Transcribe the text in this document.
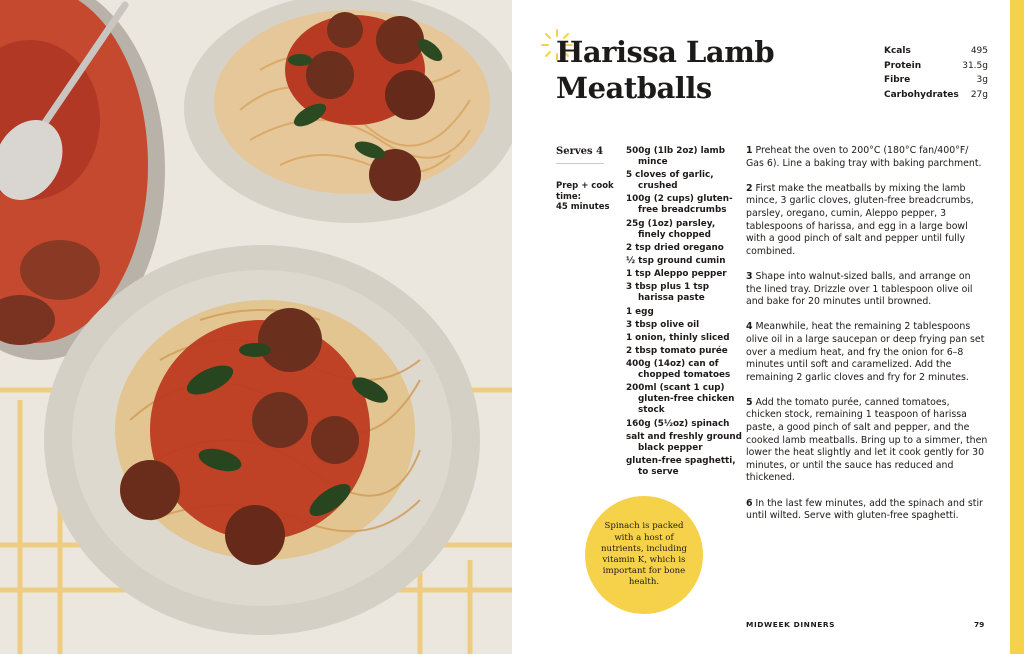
Harissa Lamb
Meatballs
Kcals	495
Protein	31.5g
Fibre	3g
Carbohydrates 27g
Serves 4
Prep + cook
time:
45 minutes
500g (1lb 2oz) lamb mince
5 cloves of garlic, crushed
100g (2 cups) gluten-free breadcrumbs
25g (1oz) parsley, finely chopped
2 tsp dried oregano
½ tsp ground cumin
1 tsp Aleppo pepper
3 tbsp plus 1 tsp harissa paste
1 egg
3 tbsp olive oil
1 onion, thinly sliced
2 tbsp tomato purée
400g (14oz) can of chopped tomatoes
200ml (scant 1 cup) gluten-free chicken stock
160g (5½oz) spinach
salt and freshly ground black pepper
gluten-free spaghetti, to serve

1 Preheat the oven to 200°C (180°C fan/400°F/ Gas 6). Line a baking tray with baking parchment.

2 First make the meatballs by mixing the lamb mince, 3 garlic cloves, gluten-free breadcrumbs, parsley, oregano, cumin, Aleppo pepper, 3 tablespoons of harissa, and egg in a large bowl with a good pinch of salt and pepper until fully combined.

3 Shape into walnut-sized balls, and arrange on the lined tray. Drizzle over 1 tablespoon olive oil and bake for 20 minutes until browned.

4 Meanwhile, heat the remaining 2 tablespoons olive oil in a large saucepan or deep frying pan set over a medium heat, and fry the onion for 6–8 minutes until soft and caramelized. Add the remaining 2 garlic cloves and fry for 2 minutes.

5 Add the tomato purée, canned tomatoes, chicken stock, remaining 1 teaspoon of harissa paste, a good pinch of salt and pepper, and the cooked lamb meatballs. Bring up to a simmer, then lower the heat slightly and let it cook gently for 30 minutes, or until the sauce has reduced and thickened.

6 In the last few minutes, add the spinach and stir until wilted. Serve with gluten-free spaghetti.

Spinach is packed with a host of nutrients, including vitamin K, which is important for bone health.
MIDWEEK DINNERS	79
